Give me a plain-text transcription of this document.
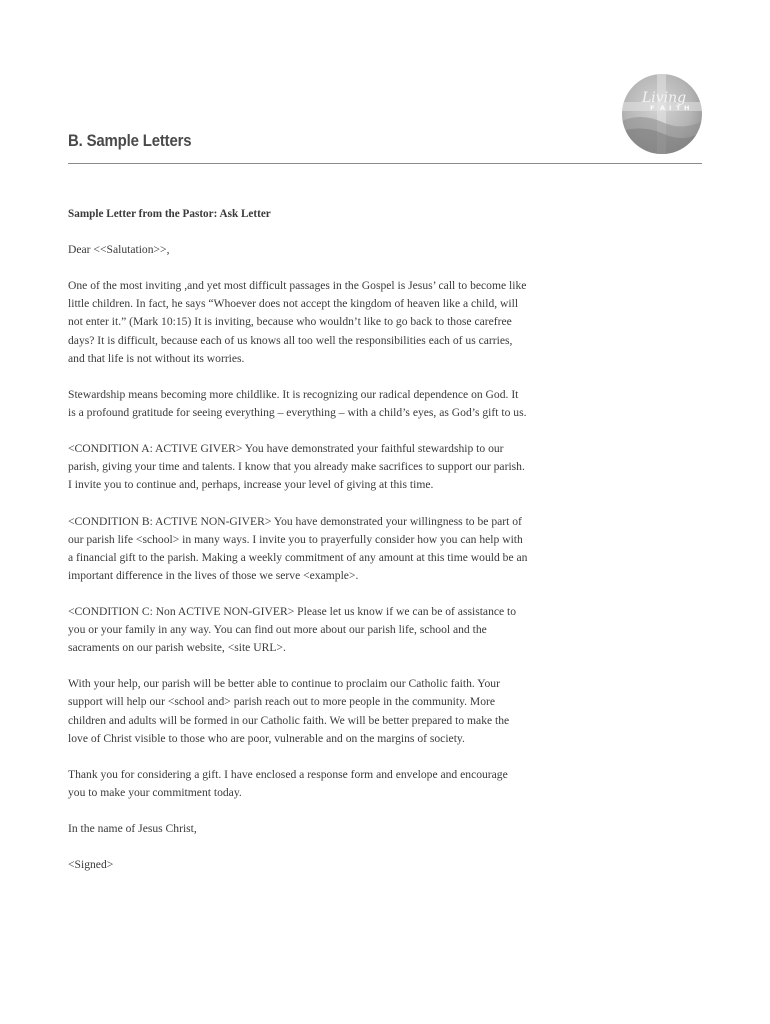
Living
F A I T H
B. Sample Letters

Sample Letter from the Pastor: Ask Letter

Dear <<Salutation>>,

One of the most inviting ,and yet most difficult passages in the Gospel is Jesus’ call to become like little children. In fact, he says “Whoever does not accept the kingdom of heaven like a child, will not enter it.” (Mark 10:15) It is inviting, because who wouldn’t like to go back to those carefree days? It is difficult, because each of us knows all too well the responsibilities each of us carries, and that life is not without its worries.

Stewardship means becoming more childlike. It is recognizing our radical dependence on God. It is a profound gratitude for seeing everything – everything – with a child’s eyes, as God’s gift to us.

<CONDITION A: ACTIVE GIVER> You have demonstrated your faithful stewardship to our parish, giving your time and talents. I know that you already make sacrifices to support our parish. I invite you to continue and, perhaps, increase your level of giving at this time.

<CONDITION B: ACTIVE NON-GIVER> You have demonstrated your willingness to be part of our parish life <school> in many ways. I invite you to prayerfully consider how you can help with a financial gift to the parish. Making a weekly commitment of any amount at this time would be an important difference in the lives of those we serve <example>.

<CONDITION C: Non ACTIVE NON-GIVER> Please let us know if we can be of assistance to you or your family in any way. You can find out more about our parish life, school and the sacraments on our parish website, <site URL>.

With your help, our parish will be better able to continue to proclaim our Catholic faith. Your support will help our <school and> parish reach out to more people in the community. More children and adults will be formed in our Catholic faith. We will be better prepared to make the love of Christ visible to those who are poor, vulnerable and on the margins of society.

Thank you for considering a gift. I have enclosed a response form and envelope and encourage you to make your commitment today.

In the name of Jesus Christ,

<Signed>
